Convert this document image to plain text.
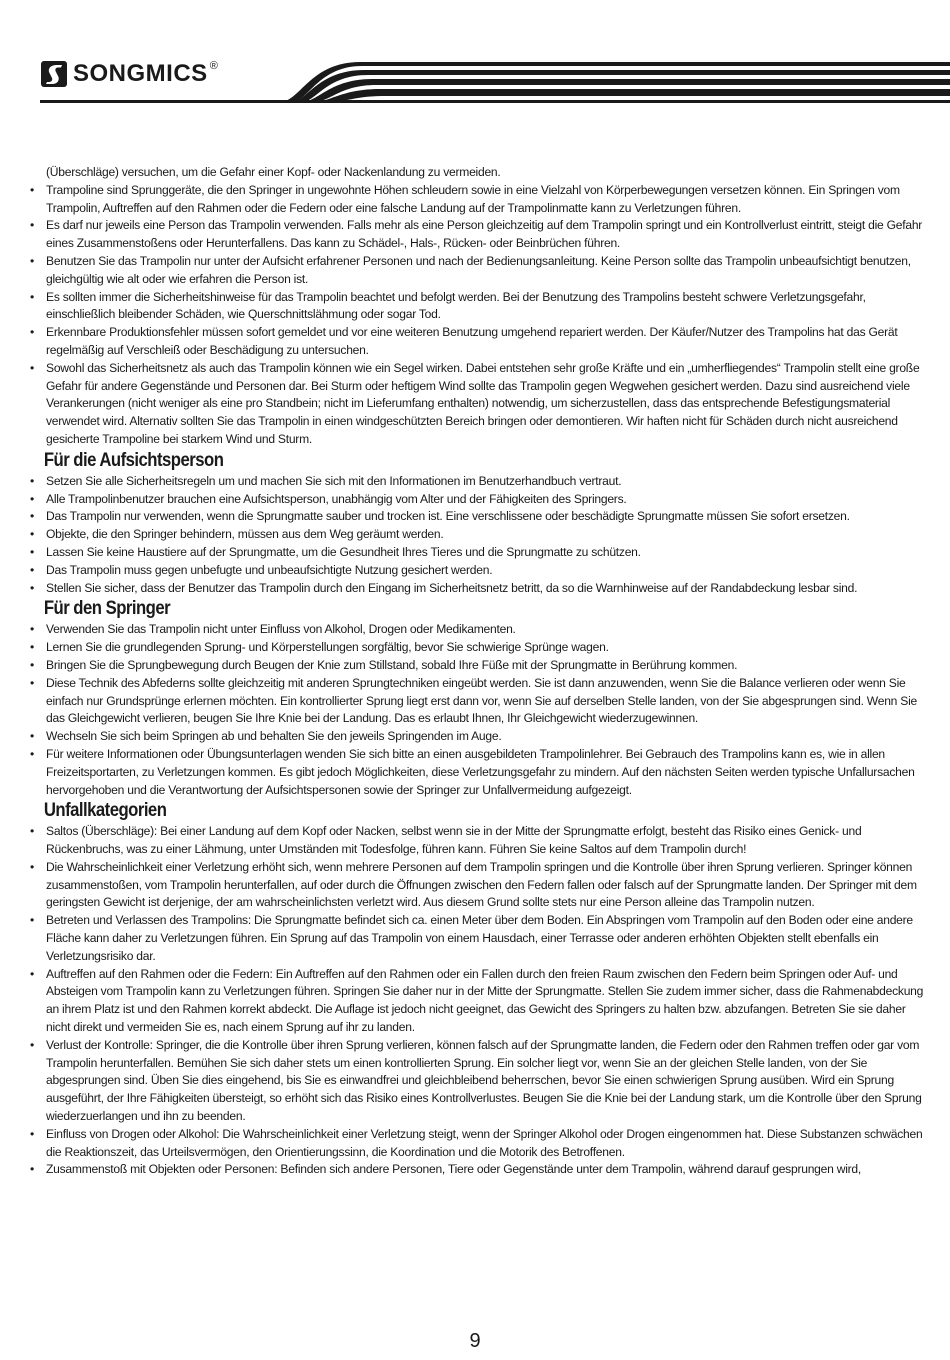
SONGMICS ®

(Überschläge) versuchen, um die Gefahr einer Kopf- oder Nackenlandung zu vermeiden.

• Trampoline sind Sprunggeräte, die den Springer in ungewohnte Höhen schleudern sowie in eine Vielzahl von Körperbewegungen versetzen können. Ein Springen vom Trampolin, Auftreffen auf den Rahmen oder die Federn oder eine falsche Landung auf der Trampolinmatte kann zu Verletzungen führen.
• Es darf nur jeweils eine Person das Trampolin verwenden. Falls mehr als eine Person gleichzeitig auf dem Trampolin springt und ein Kontrollverlust eintritt, steigt die Gefahr eines Zusammenstoßens oder Herunterfallens. Das kann zu Schädel-, Hals-, Rücken- oder Beinbrüchen führen.
• Benutzen Sie das Trampolin nur unter der Aufsicht erfahrener Personen und nach der Bedienungsanleitung. Keine Person sollte das Trampolin unbeaufsichtigt benutzen, gleichgültig wie alt oder wie erfahren die Person ist.
• Es sollten immer die Sicherheitshinweise für das Trampolin beachtet und befolgt werden. Bei der Benutzung des Trampolins besteht schwere Verletzungsgefahr, einschließlich bleibender Schäden, wie Querschnittslähmung oder sogar Tod.
• Erkennbare Produktionsfehler müssen sofort gemeldet und vor eine weiteren Benutzung umgehend repariert werden. Der Käufer/Nutzer des Trampolins hat das Gerät regelmäßig auf Verschleiß oder Beschädigung zu untersuchen.
• Sowohl das Sicherheitsnetz als auch das Trampolin können wie ein Segel wirken. Dabei entstehen sehr große Kräfte und ein „umherfliegendes“ Trampolin stellt eine große Gefahr für andere Gegenstände und Personen dar. Bei Sturm oder heftigem Wind sollte das Trampolin gegen Wegwehen gesichert werden. Dazu sind ausreichend viele Verankerungen (nicht weniger als eine pro Standbein; nicht im Lieferumfang enthalten) notwendig, um sicherzustellen, dass das entsprechende Befestigungsmaterial verwendet wird. Alternativ sollten Sie das Trampolin in einen windgeschützten Bereich bringen oder demontieren. Wir haften nicht für Schäden durch nicht ausreichend gesicherte Trampoline bei starkem Wind und Sturm.
Für die Aufsichtsperson
• Setzen Sie alle Sicherheitsregeln um und machen Sie sich mit den Informationen im Benutzerhandbuch vertraut.
• Alle Trampolinbenutzer brauchen eine Aufsichtsperson, unabhängig vom Alter und der Fähigkeiten des Springers.
• Das Trampolin nur verwenden, wenn die Sprungmatte sauber und trocken ist. Eine verschlissene oder beschädigte Sprungmatte müssen Sie sofort ersetzen.
• Objekte, die den Springer behindern, müssen aus dem Weg geräumt werden.
• Lassen Sie keine Haustiere auf der Sprungmatte, um die Gesundheit Ihres Tieres und die Sprungmatte zu schützen.
• Das Trampolin muss gegen unbefugte und unbeaufsichtigte Nutzung gesichert werden.
• Stellen Sie sicher, dass der Benutzer das Trampolin durch den Eingang im Sicherheitsnetz betritt, da so die Warnhinweise auf der Randabdeckung lesbar sind.
Für den Springer
• Verwenden Sie das Trampolin nicht unter Einfluss von Alkohol, Drogen oder Medikamenten.
• Lernen Sie die grundlegenden Sprung- und Körperstellungen sorgfältig, bevor Sie schwierige Sprünge wagen.
• Bringen Sie die Sprungbewegung durch Beugen der Knie zum Stillstand, sobald Ihre Füße mit der Sprungmatte in Berührung kommen.
• Diese Technik des Abfederns sollte gleichzeitig mit anderen Sprungtechniken eingeübt werden. Sie ist dann anzuwenden, wenn Sie die Balance verlieren oder wenn Sie einfach nur Grundsprünge erlernen möchten. Ein kontrollierter Sprung liegt erst dann vor, wenn Sie auf derselben Stelle landen, von der Sie abgesprungen sind. Wenn Sie das Gleichgewicht verlieren, beugen Sie Ihre Knie bei der Landung. Das es erlaubt Ihnen, Ihr Gleichgewicht wiederzugewinnen.
• Wechseln Sie sich beim Springen ab und behalten Sie den jeweils Springenden im Auge.
• Für weitere Informationen oder Übungsunterlagen wenden Sie sich bitte an einen ausgebildeten Trampolinlehrer. Bei Gebrauch des Trampolins kann es, wie in allen Freizeitsportarten, zu Verletzungen kommen. Es gibt jedoch Möglichkeiten, diese Verletzungsgefahr zu mindern. Auf den nächsten Seiten werden typische Unfallursachen hervorgehoben und die Verantwortung der Aufsichtspersonen sowie der Springer zur Unfallvermeidung aufgezeigt.
Unfallkategorien
• Saltos (Überschläge): Bei einer Landung auf dem Kopf oder Nacken, selbst wenn sie in der Mitte der Sprungmatte erfolgt, besteht das Risiko eines Genick- und Rückenbruchs, was zu einer Lähmung, unter Umständen mit Todesfolge, führen kann. Führen Sie keine Saltos auf dem Trampolin durch!
• Die Wahrscheinlichkeit einer Verletzung erhöht sich, wenn mehrere Personen auf dem Trampolin springen und die Kontrolle über ihren Sprung verlieren. Springer können zusammenstoßen, vom Trampolin herunterfallen, auf oder durch die Öffnungen zwischen den Federn fallen oder falsch auf der Sprungmatte landen. Der Springer mit dem geringsten Gewicht ist derjenige, der am wahrscheinlichsten verletzt wird. Aus diesem Grund sollte stets nur eine Person alleine das Trampolin nutzen.
• Betreten und Verlassen des Trampolins: Die Sprungmatte befindet sich ca. einen Meter über dem Boden. Ein Abspringen vom Trampolin auf den Boden oder eine andere Fläche kann daher zu Verletzungen führen. Ein Sprung auf das Trampolin von einem Hausdach, einer Terrasse oder anderen erhöhten Objekten stellt ebenfalls ein Verletzungsrisiko dar.
• Auftreffen auf den Rahmen oder die Federn: Ein Auftreffen auf den Rahmen oder ein Fallen durch den freien Raum zwischen den Federn beim Springen oder Auf- und Absteigen vom Trampolin kann zu Verletzungen führen. Springen Sie daher nur in der Mitte der Sprungmatte. Stellen Sie zudem immer sicher, dass die Rahmenabdeckung an ihrem Platz ist und den Rahmen korrekt abdeckt. Die Auflage ist jedoch nicht geeignet, das Gewicht des Springers zu halten bzw. abzufangen. Betreten Sie sie daher nicht direkt und vermeiden Sie es, nach einem Sprung auf ihr zu landen.
• Verlust der Kontrolle: Springer, die die Kontrolle über ihren Sprung verlieren, können falsch auf der Sprungmatte landen, die Federn oder den Rahmen treffen oder gar vom Trampolin herunterfallen. Bemühen Sie sich daher stets um einen kontrollierten Sprung. Ein solcher liegt vor, wenn Sie an der gleichen Stelle landen, von der Sie abgesprungen sind. Üben Sie dies eingehend, bis Sie es einwandfrei und gleichbleibend beherrschen, bevor Sie einen schwierigen Sprung ausüben. Wird ein Sprung ausgeführt, der Ihre Fähigkeiten übersteigt, so erhöht sich das Risiko eines Kontrollverlustes. Beugen Sie die Knie bei der Landung stark, um die Kontrolle über den Sprung wiederzuerlangen und ihn zu beenden.
• Einfluss von Drogen oder Alkohol: Die Wahrscheinlichkeit einer Verletzung steigt, wenn der Springer Alkohol oder Drogen eingenommen hat. Diese Substanzen schwächen die Reaktionszeit, das Urteilsvermögen, den Orientierungssinn, die Koordination und die Motorik des Betroffenen.
• Zusammenstoß mit Objekten oder Personen: Befinden sich andere Personen, Tiere oder Gegenstände unter dem Trampolin, während darauf gesprungen wird,
9
